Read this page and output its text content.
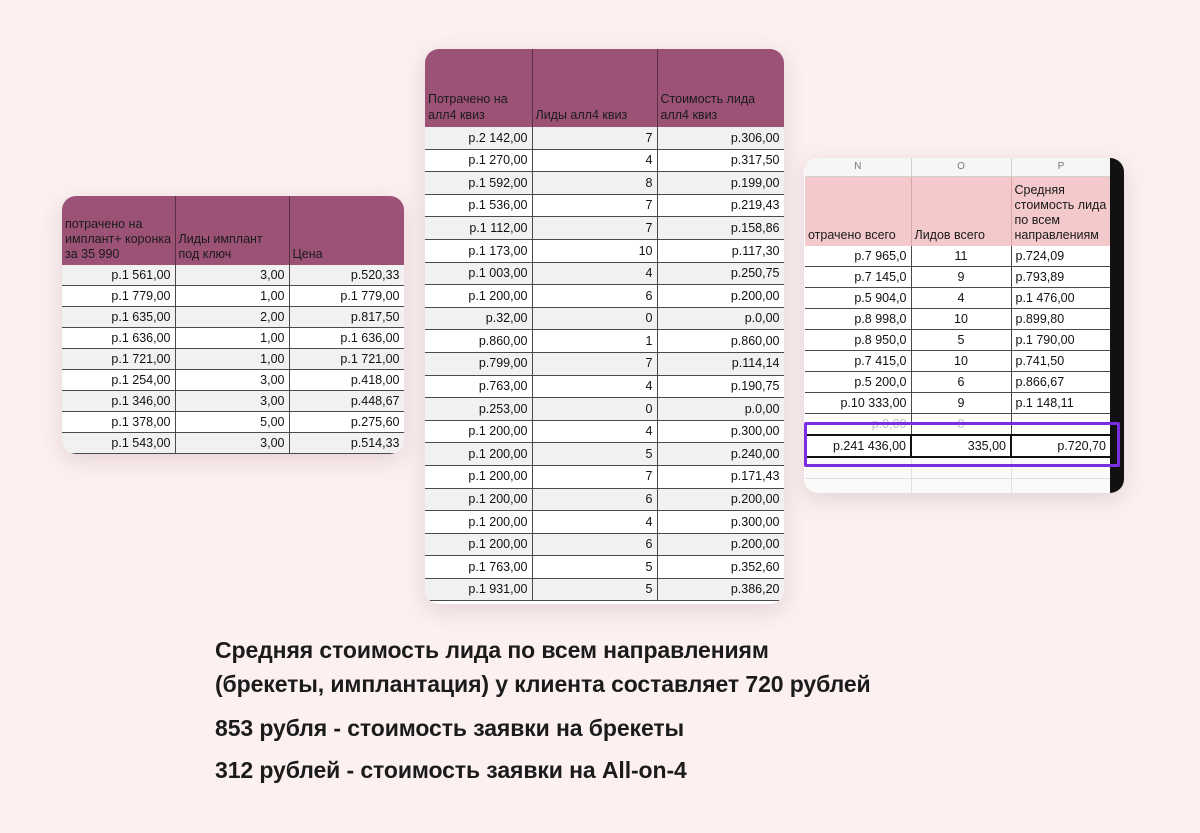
потрачено на имплант+ коронка за 35 990	Лиды имплант под ключ	Цена
р.1 561,00	3,00	р.520,33
р.1 779,00	1,00	р.1 779,00
р.1 635,00	2,00	р.817,50
р.1 636,00	1,00	р.1 636,00
р.1 721,00	1,00	р.1 721,00
р.1 254,00	3,00	р.418,00
р.1 346,00	3,00	р.448,67
р.1 378,00	5,00	р.275,60
р.1 543,00	3,00	р.514,33
Потрачено на алл4 квиз	Лиды алл4 квиз	Стоимость лида алл4 квиз
р.2 142,00	7	р.306,00
р.1 270,00	4	р.317,50
р.1 592,00	8	р.199,00
р.1 536,00	7	р.219,43
р.1 112,00	7	р.158,86
р.1 173,00	10	р.117,30
р.1 003,00	4	р.250,75
р.1 200,00	6	р.200,00
р.32,00	0	р.0,00
р.860,00	1	р.860,00
р.799,00	7	р.114,14
р.763,00	4	р.190,75
р.253,00	0	р.0,00
р.1 200,00	4	р.300,00
р.1 200,00	5	р.240,00
р.1 200,00	7	р.171,43
р.1 200,00	6	р.200,00
р.1 200,00	4	р.300,00
р.1 200,00	6	р.200,00
р.1 763,00	5	р.352,60
р.1 931,00	5	р.386,20
N	O	P
отрачено всего	Лидов всего	Средняя стоимость лида по всем направлениям
р.7 965,0	11	р.724,09
р.7 145,0	9	р.793,89
р.5 904,0	4	р.1 476,00
р.8 998,0	10	р.899,80
р.8 950,0	5	р.1 790,00
р.7 415,0	10	р.741,50
р.5 200,0	6	р.866,67
р.10 333,00	9	р.1 148,11
р.0,00	0	
р.241 436,00	335,00	р.720,70

Средняя стоимость лида по всем направлениям
(брекеты, имплантация) у клиента составляет 720 рублей
853 рубля - стоимость заявки на брекеты
312 рублей - стоимость заявки на All-on-4
